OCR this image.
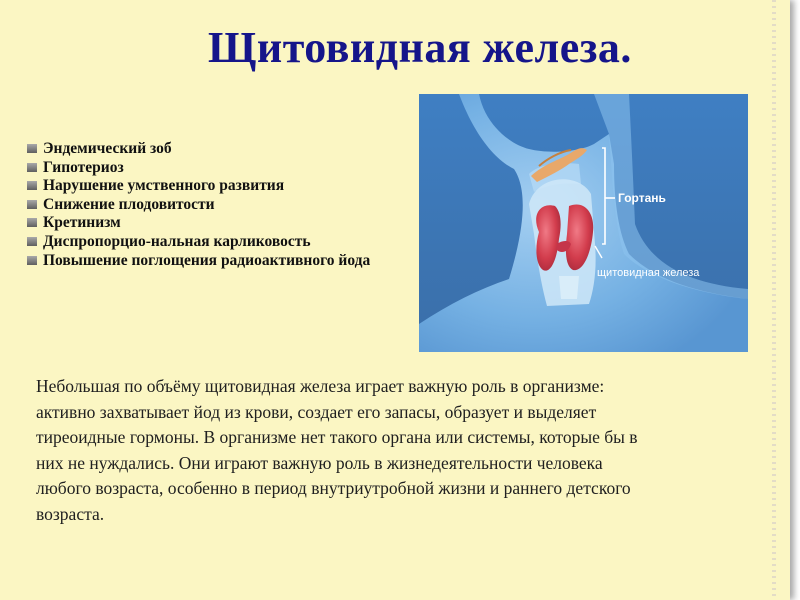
Щитовидная железа.
Эндемический зоб
Гипотериоз
Нарушение умственного развития
Снижение плодовитости
Кретинизм
Диспропорцио-нальная карликовость
Повышение поглощения радиоактивного йода
Гортань
щитовидная железа

Небольшая по объёму щитовидная железа играет важную роль в организме: активно захватывает йод из крови, создает его запасы, образует и выделяет тиреоидные гормоны. В организме нет такого органа или системы, которые бы в них не нуждались. Они играют важную роль в жизнедеятельности человека любого возраста, особенно в период внутриутробной жизни и раннего детского возраста.
